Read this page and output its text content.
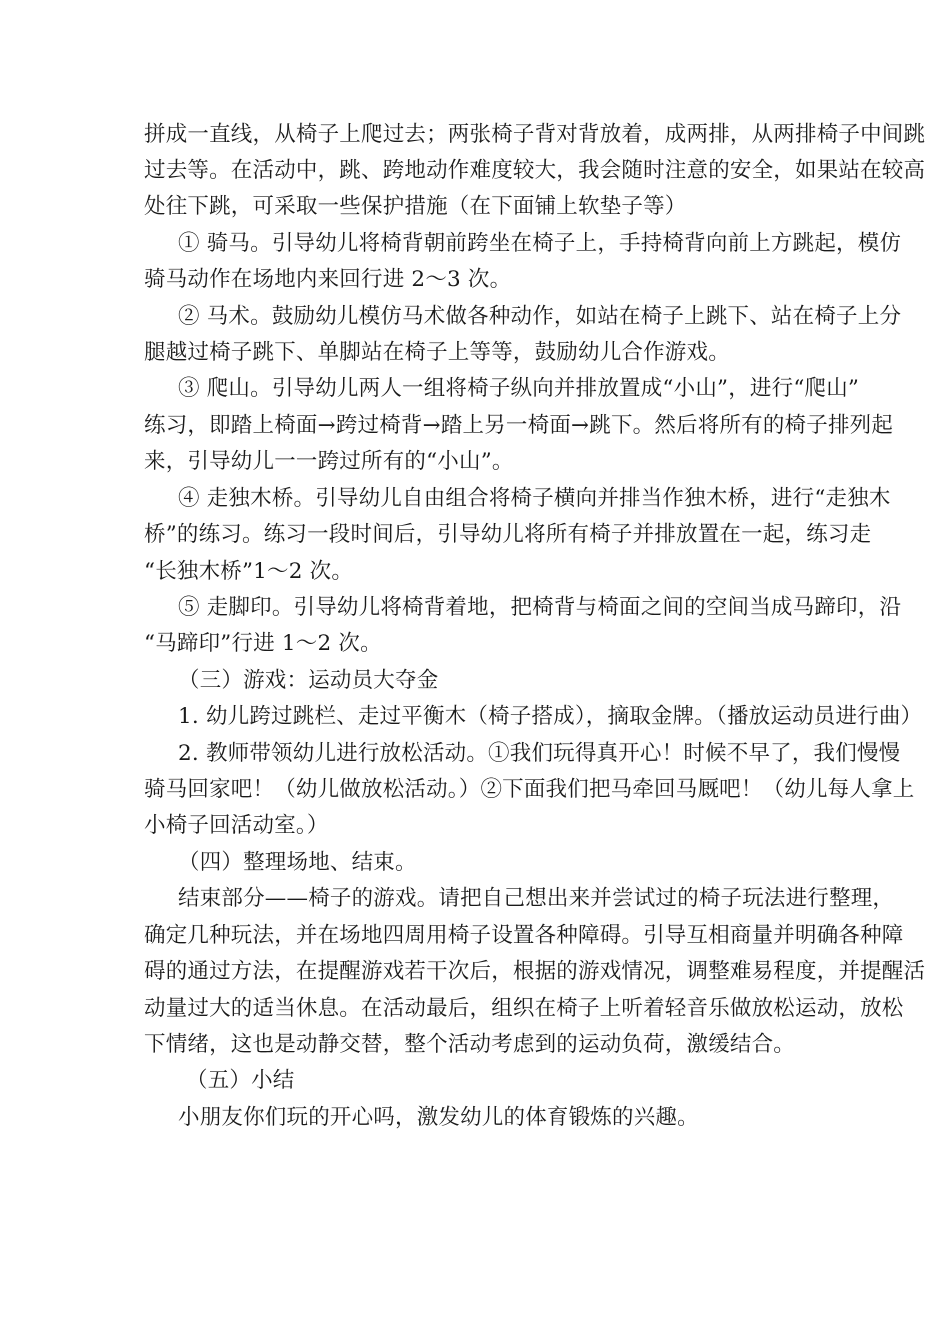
拼成一直线，从椅子上爬过去；两张椅子背对背放着，成两排，从两排椅子中间跳
过去等。在活动中，跳、跨地动作难度较大，我会随时注意的安全，如果站在较高
处往下跳，可采取一些保护措施（在下面铺上软垫子等）
① 骑马。引导幼儿将椅背朝前跨坐在椅子上，手持椅背向前上方跳起，模仿
骑马动作在场地内来回行进 2～3 次。
② 马术。鼓励幼儿模仿马术做各种动作，如站在椅子上跳下、站在椅子上分
腿越过椅子跳下、单脚站在椅子上等等，鼓励幼儿合作游戏。
③ 爬山。引导幼儿两人一组将椅子纵向并排放置成“小山”，进行“爬山”
练习，即踏上椅面→跨过椅背→踏上另一椅面→跳下。然后将所有的椅子排列起
来，引导幼儿一一跨过所有的“小山”。
④ 走独木桥。引导幼儿自由组合将椅子横向并排当作独木桥，进行“走独木
桥”的练习。练习一段时间后，引导幼儿将所有椅子并排放置在一起，练习走
“长独木桥”1～2 次。
⑤ 走脚印。引导幼儿将椅背着地，把椅背与椅面之间的空间当成马蹄印，沿
“马蹄印”行进 1～2 次。
（三）游戏：运动员大夺金
1. 幼儿跨过跳栏、走过平衡木（椅子搭成），摘取金牌。（播放运动员进行曲）
2. 教师带领幼儿进行放松活动。①我们玩得真开心！时候不早了，我们慢慢
骑马回家吧！（幼儿做放松活动。）②下面我们把马牵回马厩吧！（幼儿每人拿上
小椅子回活动室。）
（四）整理场地、结束。
结束部分——椅子的游戏。请把自己想出来并尝试过的椅子玩法进行整理，
确定几种玩法，并在场地四周用椅子设置各种障碍。引导互相商量并明确各种障
碍的通过方法，在提醒游戏若干次后，根据的游戏情况，调整难易程度，并提醒活
动量过大的适当休息。在活动最后，组织在椅子上听着轻音乐做放松运动，放松
下情绪，这也是动静交替，整个活动考虑到的运动负荷，激缓结合。
（五）小结
小朋友你们玩的开心吗，激发幼儿的体育锻炼的兴趣。
